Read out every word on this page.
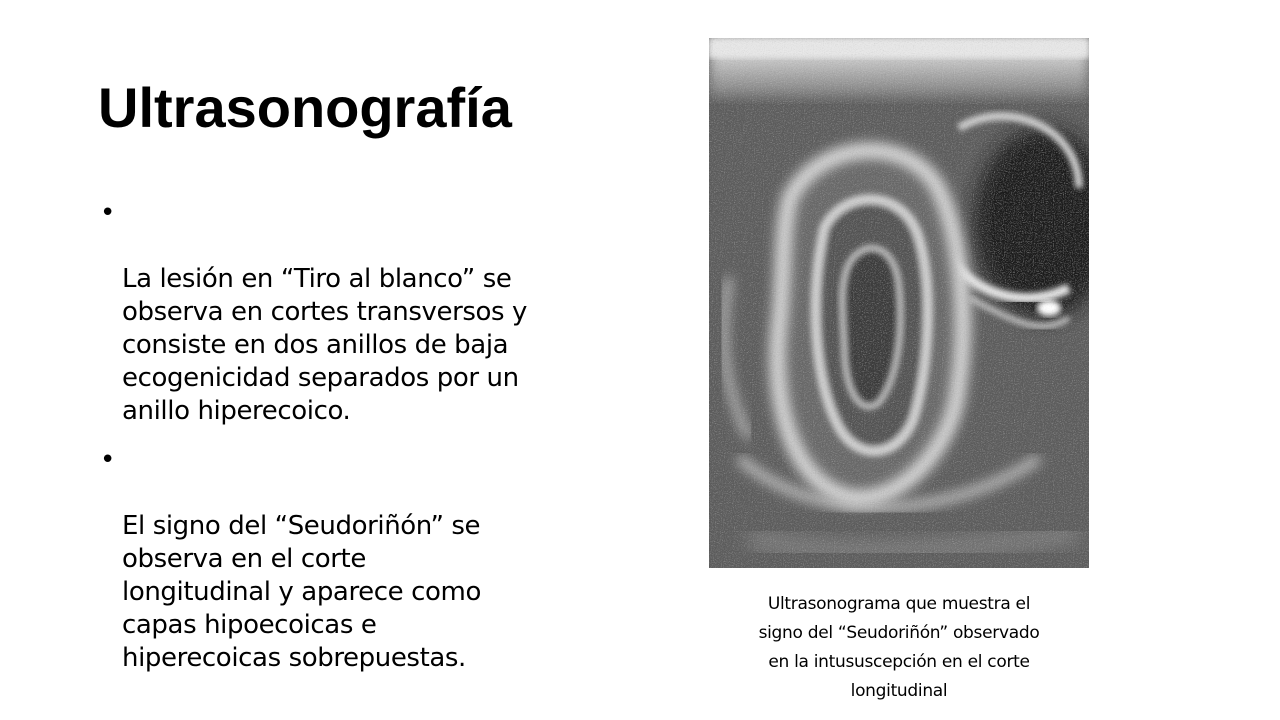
Ultrasonografía

•

La lesión en “Tiro al blanco” se
observa en cortes transversos y
consiste en dos anillos de baja
ecogenicidad separados por un
anillo hiperecoico.

•

El signo del “Seudoriñón” se
observa en el corte
longitudinal y aparece como
capas hipoecoicas e
hiperecoicas sobrepuestas.

Ultrasonograma que muestra el
signo del “Seudoriñón” observado
en la intususcepción en el corte
longitudinal
